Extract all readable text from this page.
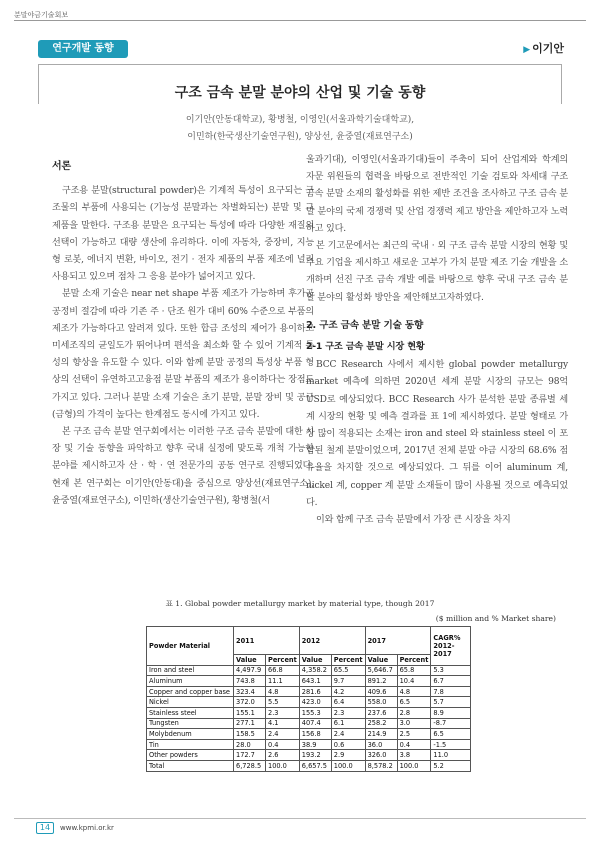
분말야금기술회보
연구개발 동향	▶ 이기안
구조 금속 분말 분야의 산업 및 기술 동향
이기안(안동대학교), 황병철, 이영인(서울과학기술대학교),
이민하(한국생산기술연구원), 양상선, 윤중열(재료연구소)
서론

구조용 분말(structural powder)은 기계적 특성이 요구되는 구조물의 부품에 사용되는 (기능성 분말과는 차별화되는) 분말 및 그 제품을 말한다. 구조용 분말은 요구되는 특성에 따라 다양한 재질의 선택이 가능하고 대량 생산에 유리하다. 이에 자동차, 중장비, 지능형 로봇, 에너지 변환, 바이오, 전기 · 전자 제품의 부품 제조에 널리 사용되고 있으며 점차 그 응용 분야가 넓어지고 있다.

분말 소재 기술은 near net shape 부품 제조가 가능하며 후가공 공정비 절감에 따라 기존 주 · 단조 원가 대비 60% 수준으로 부품의 제조가 가능하다고 알려져 있다. 또한 합금 조성의 제어가 용이하고 미세조직의 균일도가 뛰어나며 편석을 최소화 할 수 있어 기계적 특성의 향상을 유도할 수 있다. 이와 함께 분말 공정의 특성상 부품 형상의 선택이 유연하고고융점 분말 부품의 제조가 용이하다는 장점도 가지고 있다. 그러나 분말 소재 기술은 초기 분말, 분말 장비 및 공구(금형)의 가격이 높다는 한계점도 동시에 가지고 있다.

본 구조 금속 분말 연구회에서는 이러한 구조 금속 분말에 대한 시장 및 기술 동향을 파악하고 향후 국내 실정에 맞도록 개척 가능한 분야를 제시하고자 산 · 학 · 연 전문가의 공동 연구로 진행되었다. 현재 본 연구회는 이기안(안동대)을 중심으로 양상선(재료연구소), 윤중열(재료연구소), 이민하(생산기술연구원), 황병철(서

울과기대), 이영인(서울과기대)들이 주축이 되어 산업계와 학계의 자문 위원들의 협력을 바탕으로 전반적인 기술 검토와 차세대 구조 금속 분말 소재의 활성화를 위한 제반 조건을 조사하고 구조 금속 분말 분야의 국제 경쟁력 및 산업 경쟁력 제고 방안을 제안하고자 노력하고 있다.

본 기고문에서는 최근의 국내 · 외 구조 금속 분말 시장의 현황 및 주요 기업을 제시하고 새로운 고부가 가치 분말 제조 기술 개발을 소개하며 선진 구조 금속 개발 예를 바탕으로 향후 국내 구조 금속 분말 분야의 활성화 방안을 제안해보고자하였다.

2. 구조 금속 분말 기술 동향
2-1 구조 금속 분말 시장 현황

BCC Research 사에서 제시한 global powder metallurgy market 예측에 의하면 2020년 세계 분말 시장의 규모는 98억 USD로 예상되었다. BCC Research 사가 분석한 분말 종류별 세계 시장의 현황 및 예측 결과를 표 1에 제시하였다. 분말 형태로 가장 많이 적용되는 소재는 iron and steel 와 stainless steel 이 포함된 철계 분말이었으며, 2017년 전체 분말 야금 시장의 68.6% 점유율을 차지할 것으로 예상되었다. 그 뒤를 이어 aluminum 계, nickel 계, copper 계 분말 소재들이 많이 사용될 것으로 예측되었다.

이와 함께 구조 금속 분말에서 가장 큰 시장을 차지

표 1. Global powder metallurgy market by material type, though 2017
($ million and % Market share)
Powder Material	2011		2012		2017		CAGR% 2012-2017
	Value	Percent	Value	Percent	Value	Percent	
Iron and steel	4,497.9	66.8	4,358.2	65.5	5,646.7	65.8	5.3
Aluminum	743.8	11.1	643.1	9.7	891.2	10.4	6.7
Copper and copper base	323.4	4.8	281.6	4.2	409.6	4.8	7.8
Nickel	372.0	5.5	423.0	6.4	558.0	6.5	5.7
Stainless steel	155.1	2.3	155.3	2.3	237.6	2.8	8.9
Tungsten	277.1	4.1	407.4	6.1	258.2	3.0	-8.7
Molybdenum	158.5	2.4	156.8	2.4	214.9	2.5	6.5
Tin	28.0	0.4	38.9	0.6	36.0	0.4	-1.5
Other powders	172.7	2.6	193.2	2.9	326.0	3.8	11.0
Total	6,728.5	100.0	6,657.5	100.0	8,578.2	100.0	5.2
14	www.kpmi.or.kr
